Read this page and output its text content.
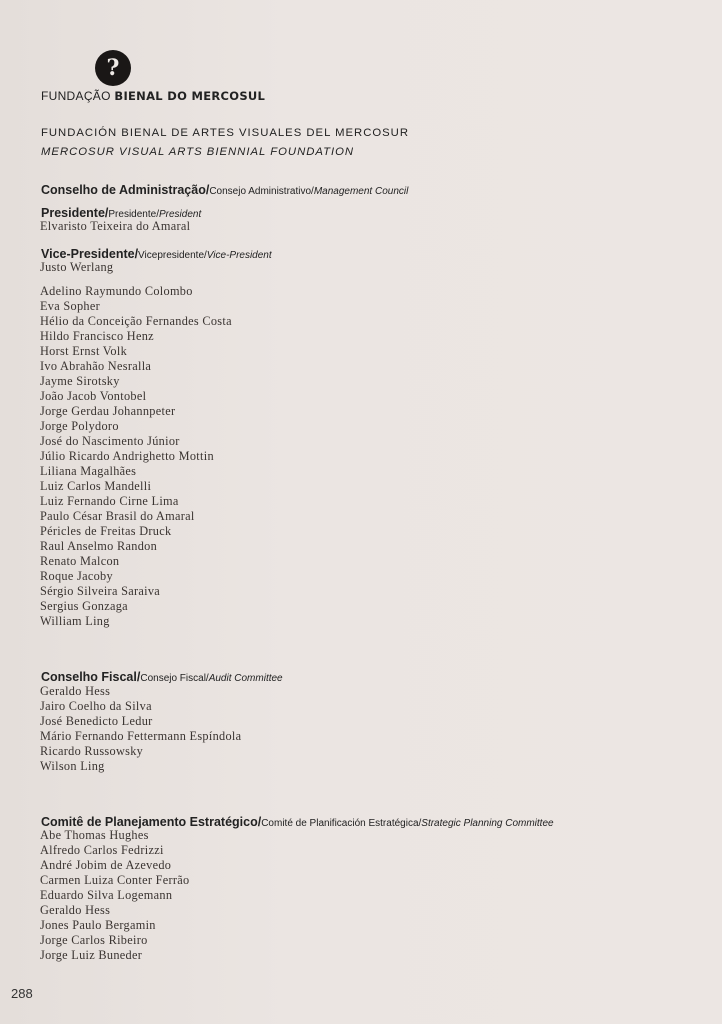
?
FUNDAÇÃO BIENAL DO MERCOSUL
FUNDACIÓN BIENAL DE ARTES VISUALES DEL MERCOSUR
MERCOSUR VISUAL ARTS BIENNIAL FOUNDATION
Conselho de Administração/Consejo Administrativo/Management Council
Presidente/Presidente/President
Elvaristo Teixeira do Amaral
Vice-Presidente/Vicepresidente/Vice-President
Justo Werlang
Adelino Raymundo Colombo
Eva Sopher
Hélio da Conceição Fernandes Costa
Hildo Francisco Henz
Horst Ernst Volk
Ivo Abrahão Nesralla
Jayme Sirotsky
João Jacob Vontobel
Jorge Gerdau Johannpeter
Jorge Polydoro
José do Nascimento Júnior
Júlio Ricardo Andrighetto Mottin
Liliana Magalhães
Luiz Carlos Mandelli
Luiz Fernando Cirne Lima
Paulo César Brasil do Amaral
Péricles de Freitas Druck
Raul Anselmo Randon
Renato Malcon
Roque Jacoby
Sérgio Silveira Saraiva
Sergius Gonzaga
William Ling
Conselho Fiscal/Consejo Fiscal/Audit Committee
Geraldo Hess
Jairo Coelho da Silva
José Benedicto Ledur
Mário Fernando Fettermann Espíndola
Ricardo Russowsky
Wilson Ling
Comitê de Planejamento Estratégico/Comité de Planificación Estratégica/Strategic Planning Committee
Abe Thomas Hughes
Alfredo Carlos Fedrizzi
André Jobim de Azevedo
Carmen Luiza Conter Ferrão
Eduardo Silva Logemann
Geraldo Hess
Jones Paulo Bergamin
Jorge Carlos Ribeiro
Jorge Luiz Buneder
288
